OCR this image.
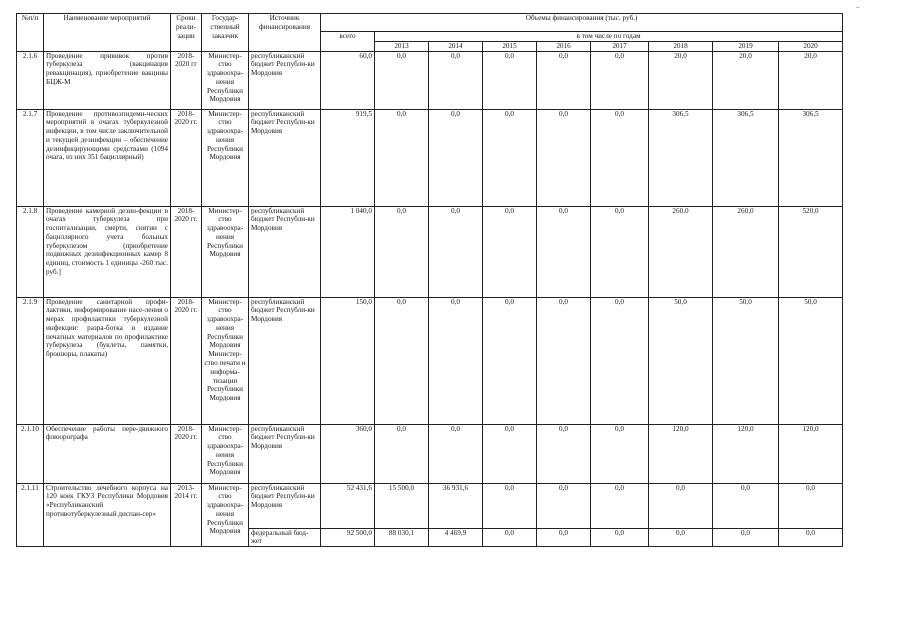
..
№п/п	Наименование мероприятий	Сроки реали-зации	Государ-ственный заказчик	Источник финансирования	Объемы финансирования (тыс. руб.)								
					всего	в том числе по годам							
						2013	2014	2015	2016	2017	2018	2019	2020
2.1.6	Проведение прививок против туберкулеза (вакцинация ревакцинация), приобретение вакцины БЦЖ-М	2018-2020 гг	Министер-ство здравоохра-нения Республики Мордовия	республиканский бюджет Республи-ки Мордовия	60,0	0,0	0,0	0,0	0,0	0,0	20,0	20,0	20,0
2.1.7	Проведение противоэпидеми-ческих мероприятий в очагах туберкулезной инфекции, в том числе заключительной и текущей дезинфекции – обеспечение дезинфицирующими средствами (1094 очага, из них 351 бациллярный)	2018-2020 гг.	Министер-ство здравоохра-нения Республики Мордовия	республиканский бюджет Республи-ки Мордовия	919,5	0,0	0,0	0,0	0,0	0,0	306,5	306,5	306,5
2.1.8	Проведение камерной дезин-фекции в очагах туберкулеза при госпитализации, смерти, снятии с бациллярного учета больных туберкулезом (приобретение подвижных дезинфекционных камер 8 единиц, стоимость 1 единицы -260 тыс. руб.]	2018-2020 гг.	Министер-ство здравоохра-нения Республики Мордовия	республиканский бюджет Республи-ки Мордовия	1 040,0	0,0	0,0	0,0	0,0	0,0	260,0	260,0	520,0
2.1.9	Проведение санитарной профи-лактики, информирование насе-ления о мерах профилактики туберкулезной инфекции: разра-ботка и издание печатных материалов по профилактике туберкулеза (буклеты, памятки, брошюры, плакаты)	2018-2020 гг.	Министер-ство здравоохра-нения Республики Мордовия Министер-ство печати и информа-тизации Республики Мордовия	республиканский бюджет Республи-ки Мордовия	150,0	0,0	0,0	0,0	0,0	0,0	50,0	50,0	50,0
2.1.10	Обеспечение работы пере-движного флюорографа	2018-2020 гг.	Министер-ство здравоохра-нения Республики Мордовия	республиканский бюджет Республи-ки Мордовия	360,0	0,0	0,0	0,0	0,0	0,0	120,0	120,0	120,0
2.1.11	Строительство лечебного корпуса на 120 коек ГКУЗ Республики Мордовия «Республиканский противотуберкулезный диспан-сер»	2013-2014 гг.	Министер-ство здравоохра-нения Республики Мордовия	республиканский бюджет Республи-ки Мордовия	52 431,6	15 500,0	36 931,6	0,0	0,0	0,0	0,0	0,0	0,0
				федеральный бюд-жет	92 500,0	88 030,1	4 469,9	0,0	0,0	0,0	0,0	0,0	0,0
